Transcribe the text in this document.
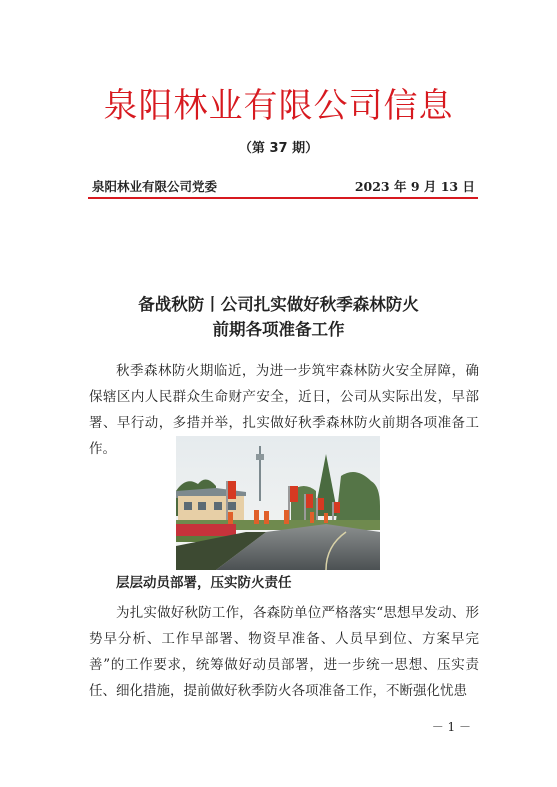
泉阳林业有限公司信息
（第 37 期）
泉阳林业有限公司党委	2023 年 9 月 13 日
备战秋防丨公司扎实做好秋季森林防火
前期各项准备工作

秋季森林防火期临近，为进一步筑牢森林防火安全屏障，确保辖区内人民群众生命财产安全，近日，公司从实际出发，早部署、早行动，多措并举，扎实做好秋季森林防火前期各项准备工作。

层层动员部署，压实防火责任

为扎实做好秋防工作，各森防单位严格落实“思想早发动、形势早分析、工作早部署、物资早准备、人员早到位、方案早完善”的工作要求，统筹做好动员部署，进一步统一思想、压实责任、细化措施，提前做好秋季防火各项准备工作，不断强化忧患

－ 1 －
